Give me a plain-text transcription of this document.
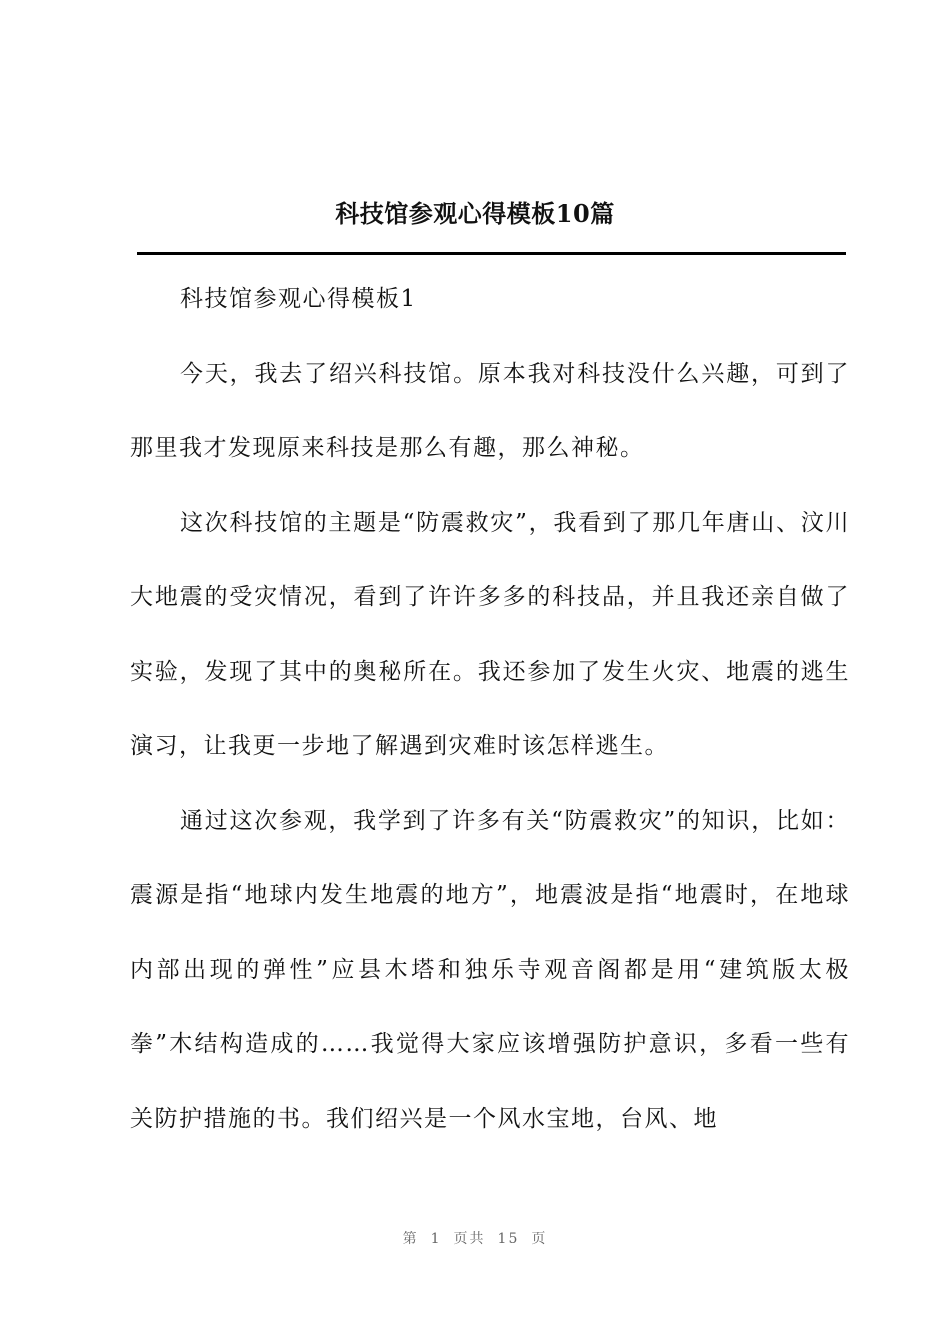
科技馆参观心得模板10篇

科技馆参观心得模板1

今天，我去了绍兴科技馆。原本我对科技没什么兴趣，可到了那里我才发现原来科技是那么有趣，那么神秘。

这次科技馆的主题是“防震救灾”，我看到了那几年唐山、汶川大地震的受灾情况，看到了许许多多的科技品，并且我还亲自做了实验，发现了其中的奥秘所在。我还参加了发生火灾、地震的逃生演习，让我更一步地了解遇到灾难时该怎样逃生。

通过这次参观，我学到了许多有关“防震救灾”的知识，比如：震源是指“地球内发生地震的地方”，地震波是指“地震时，在地球内部出现的弹性”应县木塔和独乐寺观音阁都是用“建筑版太极拳”木结构造成的……我觉得大家应该增强防护意识，多看一些有关防护措施的书。我们绍兴是一个风水宝地，台风、地

第 1 页共 15 页
